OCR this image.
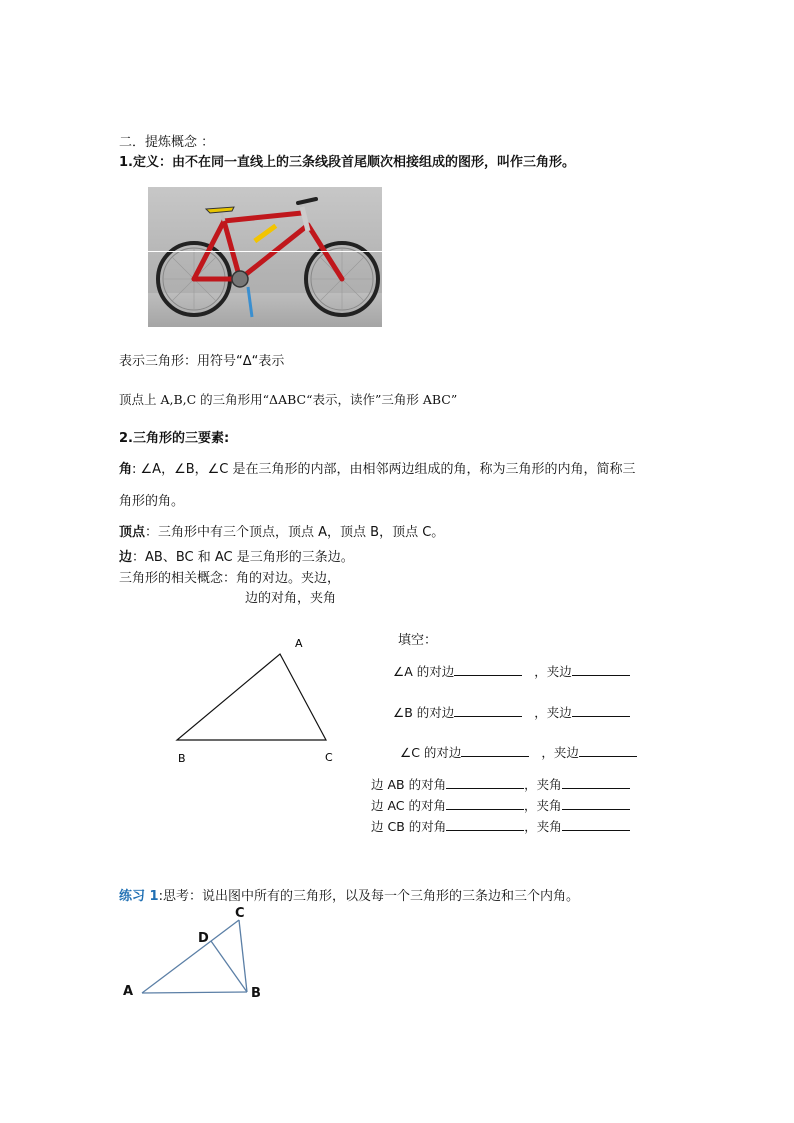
二．提炼概念 ：
1.定义：由不在同一直线上的三条线段首尾顺次相接组成的图形，叫作三角形。
表示三角形：用符号“Δ“表示
顶点上 A,B,C 的三角形用“ΔABC“表示，读作”三角形 ABC”
2.三角形的三要素:
角: ∠A，∠B，∠C 是在三角形的内部，由相邻两边组成的角，称为三角形的内角，简称三
角形的角。
顶点：三角形中有三个顶点，顶点 A，顶点 B，顶点 C。
边：AB、BC 和 AC 是三角形的三条边。
三角形的相关概念：角的对边。夹边，
边的对角，夹角
A
B	C
填空：
∠A 的对边	，夹边
∠B 的对边	，夹边
∠C 的对边	，夹边
边 AB 的对角	，夹角
边 AC 的对角	，夹角
边 CB 的对角	，夹角
练习 1:思考：说出图中所有的三角形，以及每一个三角形的三条边和三个内角。
A	B
C
D
